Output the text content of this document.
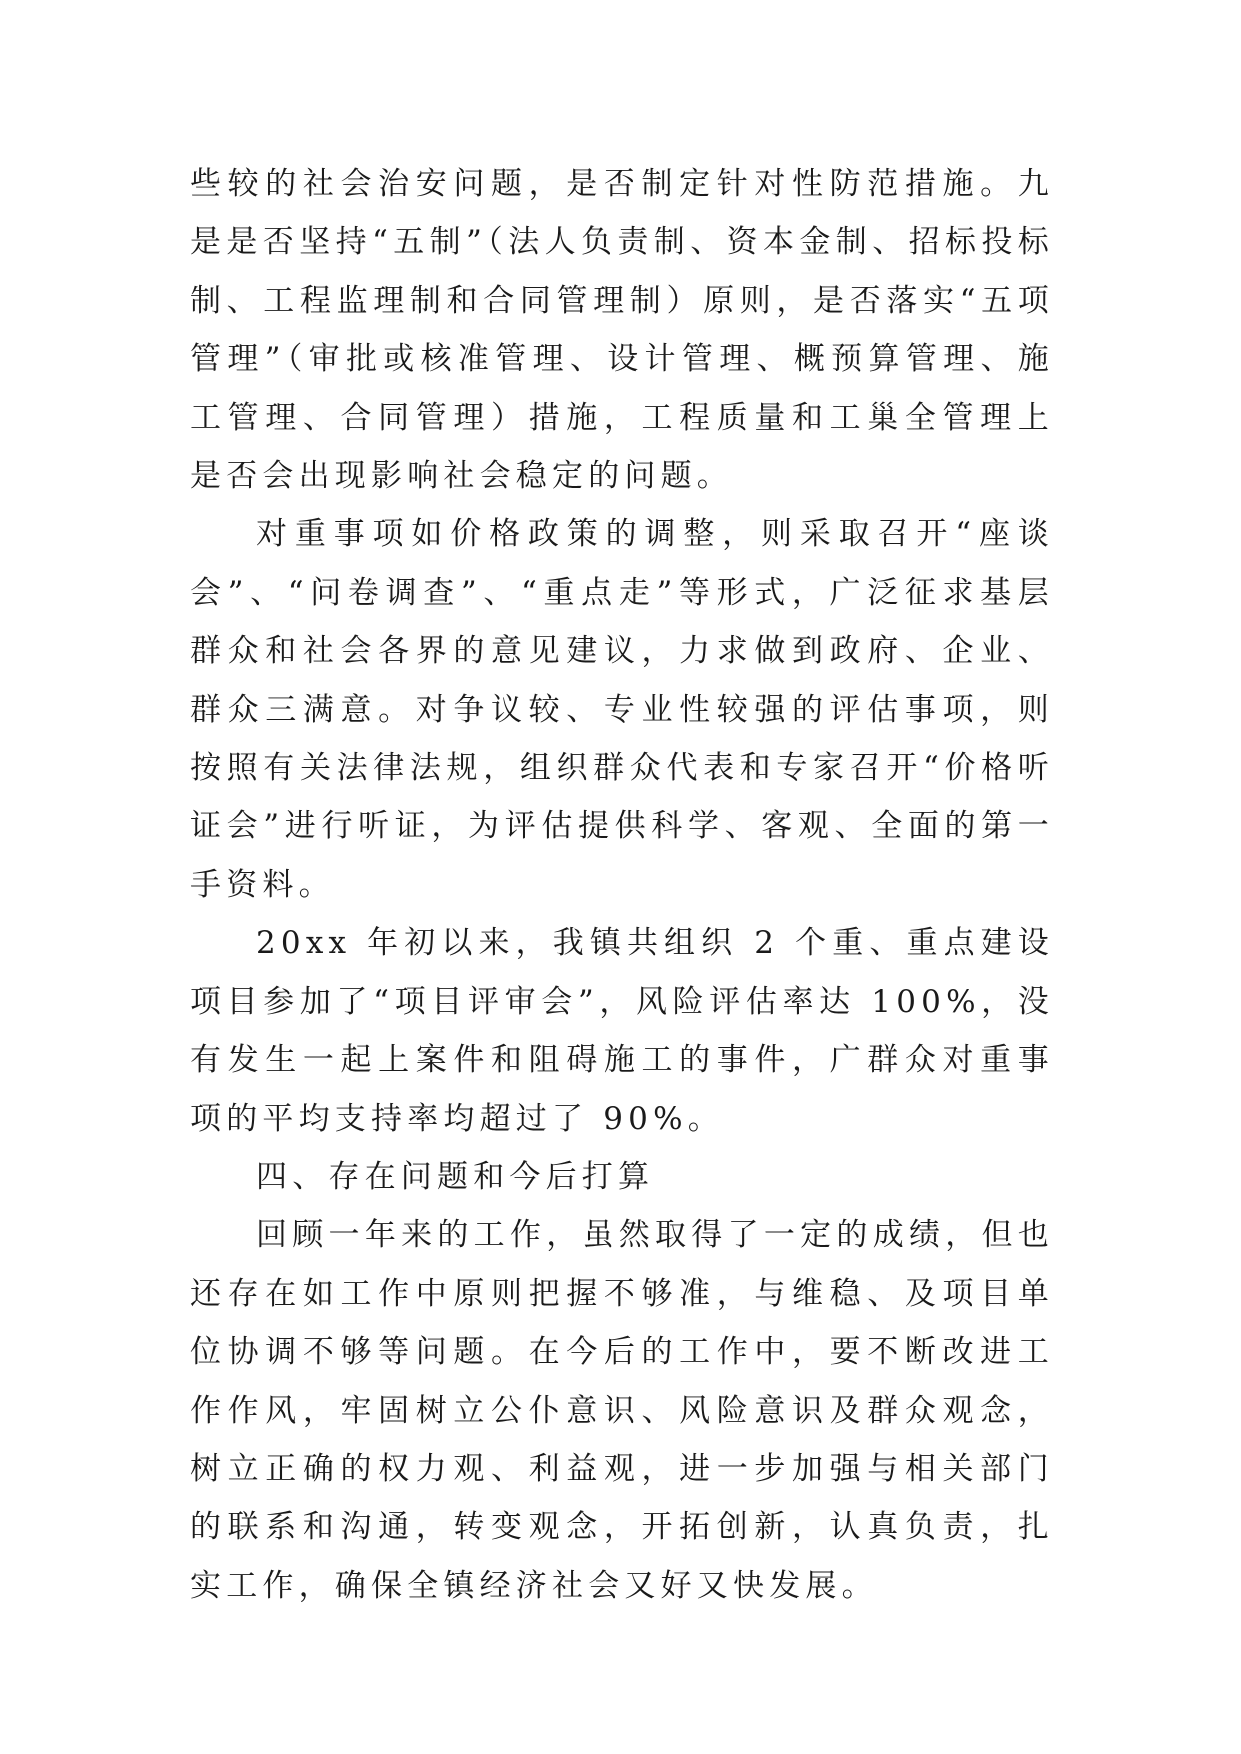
些较的社会治安问题，是否制定针对性防范措施。九是是否坚持“五制”（法人负责制、资本金制、招标投标制、工程监理制和合同管理制）原则，是否落实“五项管理”（审批或核准管理、设计管理、概预算管理、施工管理、合同管理）措施，工程质量和工巢全管理上是否会出现影响社会稳定的问题。

对重事项如价格政策的调整，则采取召开“座谈会”、“问卷调查”、“重点走”等形式，广泛征求基层群众和社会各界的意见建议，力求做到政府、企业、群众三满意。对争议较、专业性较强的评估事项，则按照有关法律法规，组织群众代表和专家召开“价格听证会”进行听证，为评估提供科学、客观、全面的第一手资料。

20xx 年初以来，我镇共组织 2 个重、重点建设项目参加了“项目评审会”，风险评估率达 100%，没有发生一起上案件和阻碍施工的事件，广群众对重事项的平均支持率均超过了 90%。

四、存在问题和今后打算

回顾一年来的工作，虽然取得了一定的成绩，但也还存在如工作中原则把握不够准，与维稳、及项目单位协调不够等问题。在今后的工作中，要不断改进工作作风，牢固树立公仆意识、风险意识及群众观念，树立正确的权力观、利益观，进一步加强与相关部门的联系和沟通，转变观念，开拓创新，认真负责，扎实工作，确保全镇经济社会又好又快发展。
